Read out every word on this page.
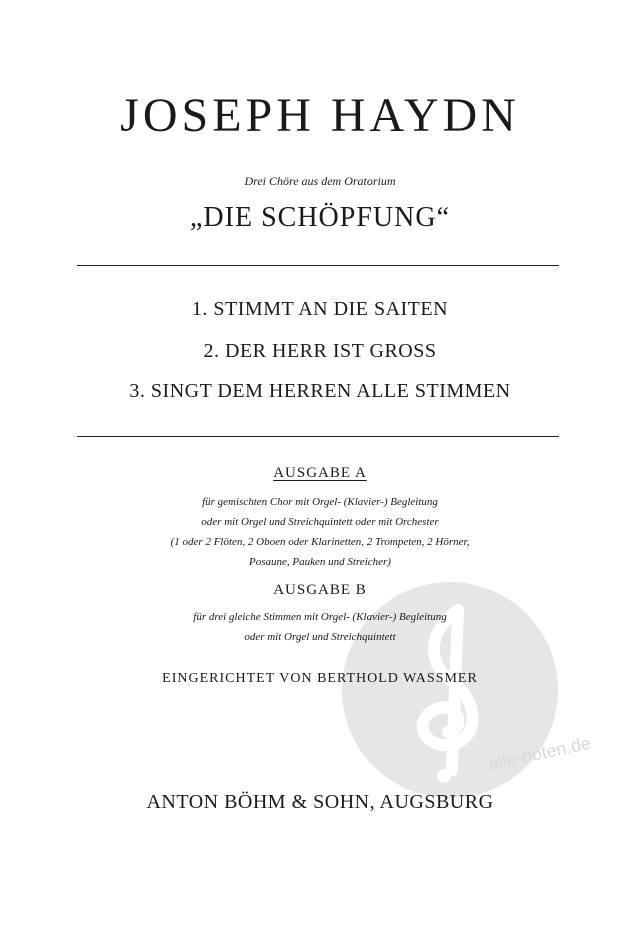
alle-noten.de
JOSEPH HAYDN
Drei Chöre aus dem Oratorium
„DIE SCHÖPFUNG“
1. STIMMT AN DIE SAITEN
2. DER HERR IST GROSS
3. SINGT DEM HERREN ALLE STIMMEN
AUSGABE A
für gemischten Chor mit Orgel- (Klavier-) Begleitung
oder mit Orgel und Streichquintett oder mit Orchester
(1 oder 2 Flöten, 2 Oboen oder Klarinetten, 2 Trompeten, 2 Hörner,
Posaune, Pauken und Streicher)
AUSGABE B
für drei gleiche Stimmen mit Orgel- (Klavier-) Begleitung
oder mit Orgel und Streichquintett
EINGERICHTET VON BERTHOLD WASSMER
ANTON BÖHM & SOHN, AUGSBURG
